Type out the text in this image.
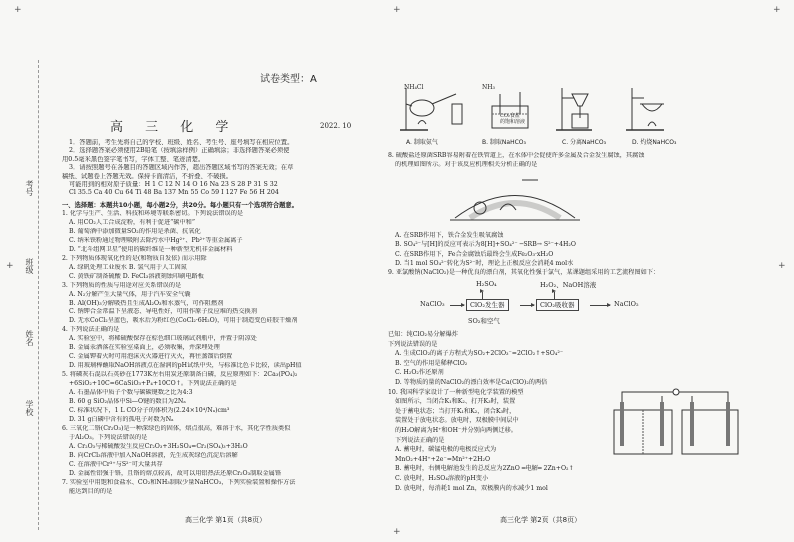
+	+	+
+
+
+
考号
班级
姓名
学校
试卷类型：A
高 三 化 学	2022. 10

1．答题前，考生先将自己的学校、班级、姓名、考生号、座号填写在相应位置。

2．选择题答案必须使用2B铅笔（按填涂样例）正确填涂；非选择题答案必须使

用0.5毫米黑色签字笔书写，字体工整、笔迹清楚。

3．请按照题号在各题目的答题区域内作答，超出答题区域书写的答案无效；在草

稿纸、试题卷上答题无效。保持卡面清洁，不折叠、不破损。

可能用到的相对原子质量：H 1 C 12 N 14 O 16 Na 23 S 28 P 31 S 32

Cl 35.5 Ca 40 Cu 64 Ti 48 Ba 137 Mn 55 Co 59 I 127 Fe 56 H 204

一、选择题：本题共10小题，每小题2分，共20分。每小题只有一个选项符合题意。

1. 化学与生产、生活、科技和环境等联系密切。下列说法错误的是

A. 用CO₂人工合成淀粉，有利于促进“碳中和”

B. 葡萄酒中添加微量SO₂的作用是杀菌、抗氧化

C. 纳米铁粉通过物理吸附去除污水中Hg²⁺、Pb²⁺等重金属离子

D. “北斗组网卫星”使用的碳纤维是一种新型无机非金属材料

2. 下列物质体现氧化性的是(和物质自发依) 而示用除

A. 绿矾处理工业废水 B. 氢气用于人工固氮

C. 黄铁矿制备硫酸 D. FeCl₃溶液刻蚀印刷电路板

3. 下列物质的性质与用途对应关系错误的是

A. N₂分解产生大量气体，用于汽车安全气囊

B. Al(OH)₃分解吸热且生成Al₂O₃和水蒸气，可作阻燃剂

C. 钠钾合金常温下呈液态、导电性好，可用作原子反应堆的热交换剂

D. 无水CoCl₂呈蓝色，吸水后为粉红色(CoCl₂·6H₂O)，可用于制造变色硅胶干燥剂

4. 下列说法正确的是

A. 实验室中，将稀硫酸保存在棕色细口玻璃试剂瓶中，并置于阴凉处

B. 金属汞洒落在实验室桌面上，必须收集，并深埋处理

C. 金属钾着火时可用泡沫灭火器进行灭火，再往蒸馏后倒置

D. 用玻璃棒蘸取NaOH溶液点在湿润的pH试纸中央，与标准比色卡比较，读出pH值

5. 将磷灰石混以石英砂在1773K左右用炭还原制备白磷，反应原理如下：2Ca₃(PO₄)₂

+6SiO₂+10C=6CaSiO₃+P₄+10CO↑。下列说法正确的是

A. 石墨晶体中质子个数与碳碳键数之比为4:3

B. 60 g SiO₂晶体中Si—O键的数目为2Nₐ

C. 标准状况下，1 L CO分子的体积为(2.24×10⁴/Nₐ)cm³

D. 31 g白磷中含有的孤电子对数为Nₐ

6. 三氧化二铬(Cr₂O₃)是一种深绿色的固体，熔点很高，难溶于水，其化学性质类似

于Al₂O₃。下列说法错误的是

A. Cr₂O₃与稀硫酸发生反应Cr₂O₃+3H₂SO₄=Cr₂(SO₄)₃+3H₂O

B. 向CrCl₃溶液中加入NaOH溶液，先生成灰绿色沉淀后溶解

C. 在溶液中Cr³⁺与S²⁻可大量共存

D. 金属性铝强于铬，且铬的熔点较高，故可以用铝热法还原Cr₂O₃制取金属铬

7. 实验室中用饱和食盐水、CO₂和NH₃制取少量NaHCO₃，下列实验装置和操作方法

能达到目的的是

高三化学 第1页（共8页）
NH₄Cl
A. 制取氨气
NH₃
CO₂食盐
的饱和溶液
B. 制取NaHCO₃	C. 分离NaHCO₃	D. 灼烧NaHCO₃

8. 硫酸盐还原菌SRB容易附着在铁管道上，在水体中会促使许多金属及合金发生腐蚀，其腐蚀

的机理如图所示。对于该反应机理相关分析正确的是

A. 在SRB作用下，铁合金发生吸氧腐蚀

B. SO₄²⁻与[H]的反应可表示为8[H]+SO₄²⁻ ─SRB→ S²⁻+4H₂O

C. 在SRB作用下，Fe合金腐蚀后最终会生成Fe₂O₃·xH₂O

D. 当1 mol SO₄²⁻转化为S²⁻时，理论上正极反应会消耗4 mol水

9. 亚氯酸钠(NaClO₂)是一种优良的漂白剂，其氧化性强于氯气，某课题组采用的工艺流程图如下：

H₂SO₄	H₂O₂、NaOH溶液
NaClO₃	ClO₂发生器	ClO₂吸收器	NaClO₂
SO₂和空气

已知：纯ClO₂易分解爆炸

下列说法错误的是

A. 生成ClO₂的离子方程式为SO₂+2ClO₃⁻=2ClO₂↑+SO₄²⁻

B. 空气的作用是稀释ClO₂

C. H₂O₂作还原剂

D. 等物质的量的NaClO₂的漂白效率是Ca(ClO)₂的两倍

10. 我国科学家设计了一种新型电化学装置的模型

如图所示，当闭合K₁和K₂、打开K₃时，装置

处于蓄电状态；当打开K₁和K₂，闭合K₃时，

装置处于放电状态。放电时，双极膜中间层中

的H₂O解离为H⁺和OH⁻并分别向两侧迁移。

下列说法正确的是

A. 蓄电时，碳锰电极的电极反应式为

MnO₂+4H⁺+2e⁻=Mn²⁺+2H₂O

B. 蓄电时，右侧电解池发生的总反应为2ZnO ═电解═ 2Zn+O₂↑

C. 放电时，H₂SO₄溶液的pH变小

D. 放电时，每消耗1 mol Zn，双极膜内的水减少1 mol

高三化学 第2页（共8页）
